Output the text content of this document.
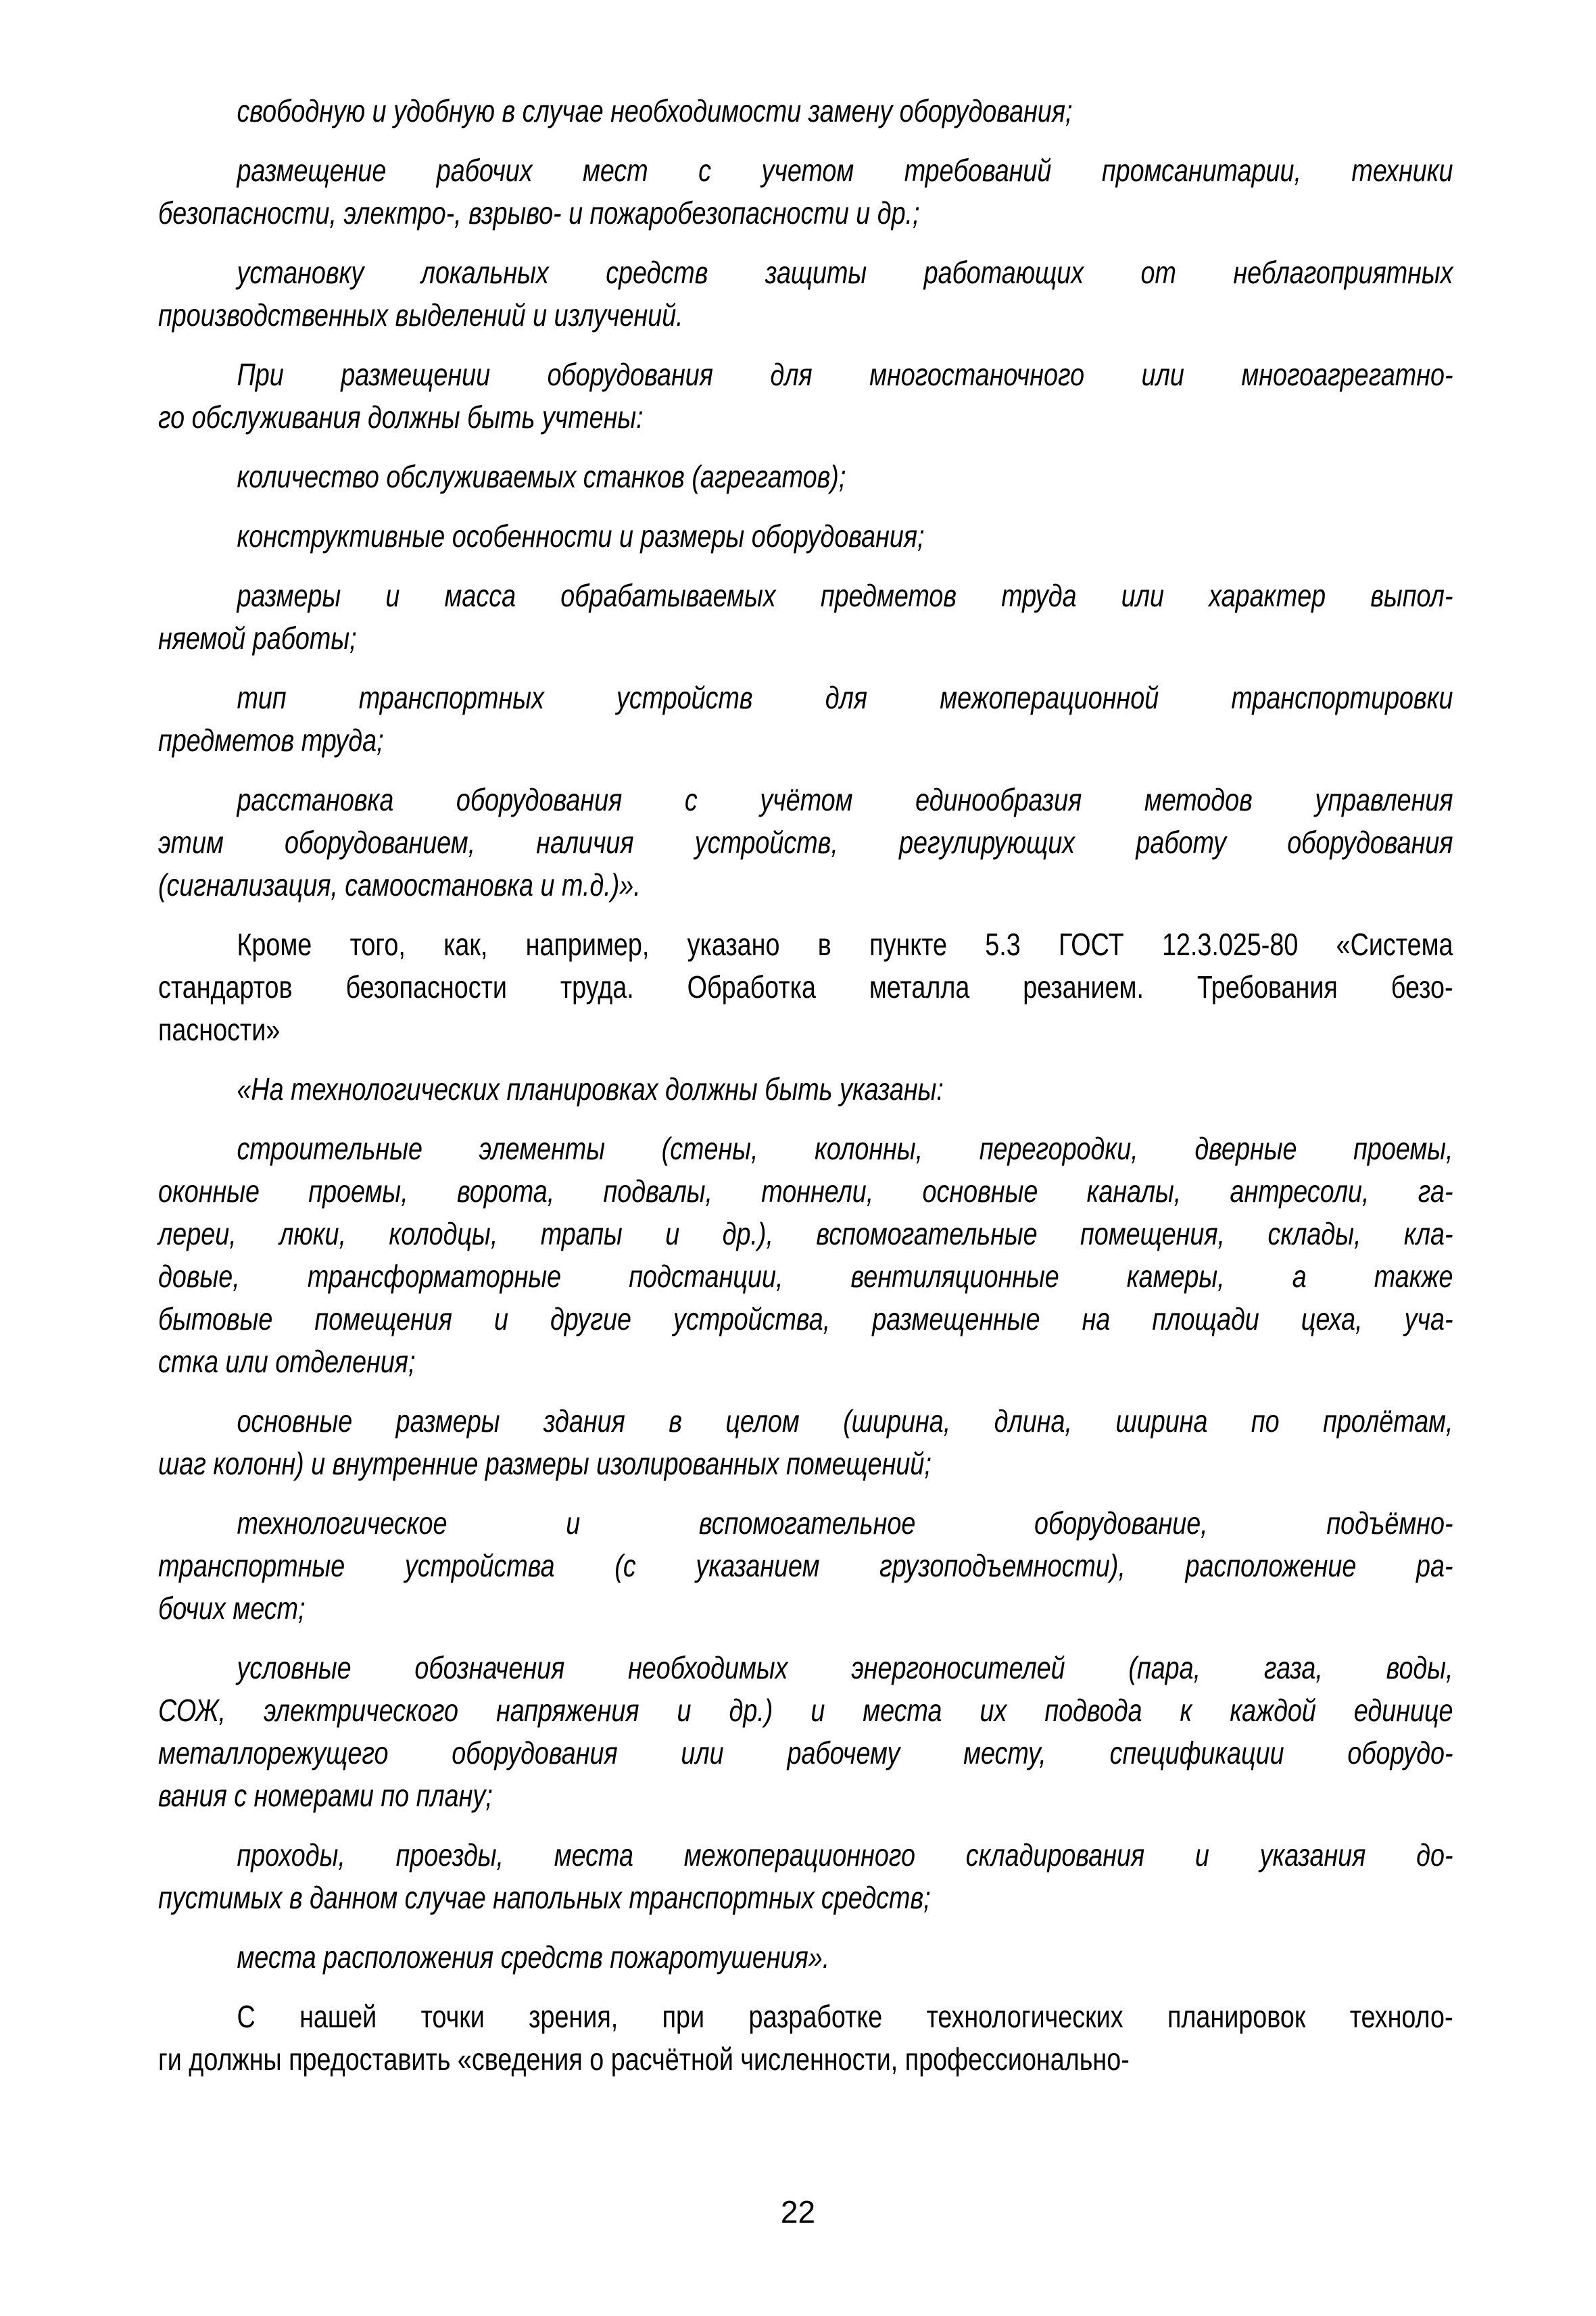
свободную и удобную в случае необходимости замену оборудования;
размещение рабочих мест с учетом требований промсанитарии, техники
безопасности, электро-, взрыво- и пожаробезопасности и др.;
установку локальных средств защиты работающих от неблагоприятных
производственных выделений и излучений.
При размещении оборудования для многостаночного или многоагрегатно-
го обслуживания должны быть учтены:
количество обслуживаемых станков (агрегатов);
конструктивные особенности и размеры оборудования;
размеры и масса обрабатываемых предметов труда или характер выпол-
няемой работы;
тип транспортных устройств для межоперационной транспортировки
предметов труда;
расстановка оборудования с учётом единообразия методов управления
этим оборудованием, наличия устройств, регулирующих работу оборудования
(сигнализация, самоостановка и т.д.)».
Кроме того, как, например, указано в пункте 5.3 ГОСТ 12.3.025-80 «Система
стандартов безопасности труда. Обработка металла резанием. Требования безо-
пасности»
«На технологических планировках должны быть указаны:
строительные элементы (стены, колонны, перегородки, дверные проемы,
оконные проемы, ворота, подвалы, тоннели, основные каналы, антресоли, га-
лереи, люки, колодцы, трапы и др.), вспомогательные помещения, склады, кла-
довые, трансформаторные подстанции, вентиляционные камеры, а также
бытовые помещения и другие устройства, размещенные на площади цеха, уча-
стка или отделения;
основные размеры здания в целом (ширина, длина, ширина по пролётам,
шаг колонн) и внутренние размеры изолированных помещений;
технологическое и вспомогательное оборудование, подъёмно-
транспортные устройства (с указанием грузоподъемности), расположение ра-
бочих мест;
условные обозначения необходимых энергоносителей (пара, газа, воды,
СОЖ, электрического напряжения и др.) и места их подвода к каждой единице
металлорежущего оборудования или рабочему месту, спецификации оборудо-
вания с номерами по плану;
проходы, проезды, места межоперационного складирования и указания до-
пустимых в данном случае напольных транспортных средств;
места расположения средств пожаротушения».
С нашей точки зрения, при разработке технологических планировок техноло-
ги должны предоставить «сведения о расчётной численности, профессионально-
22
